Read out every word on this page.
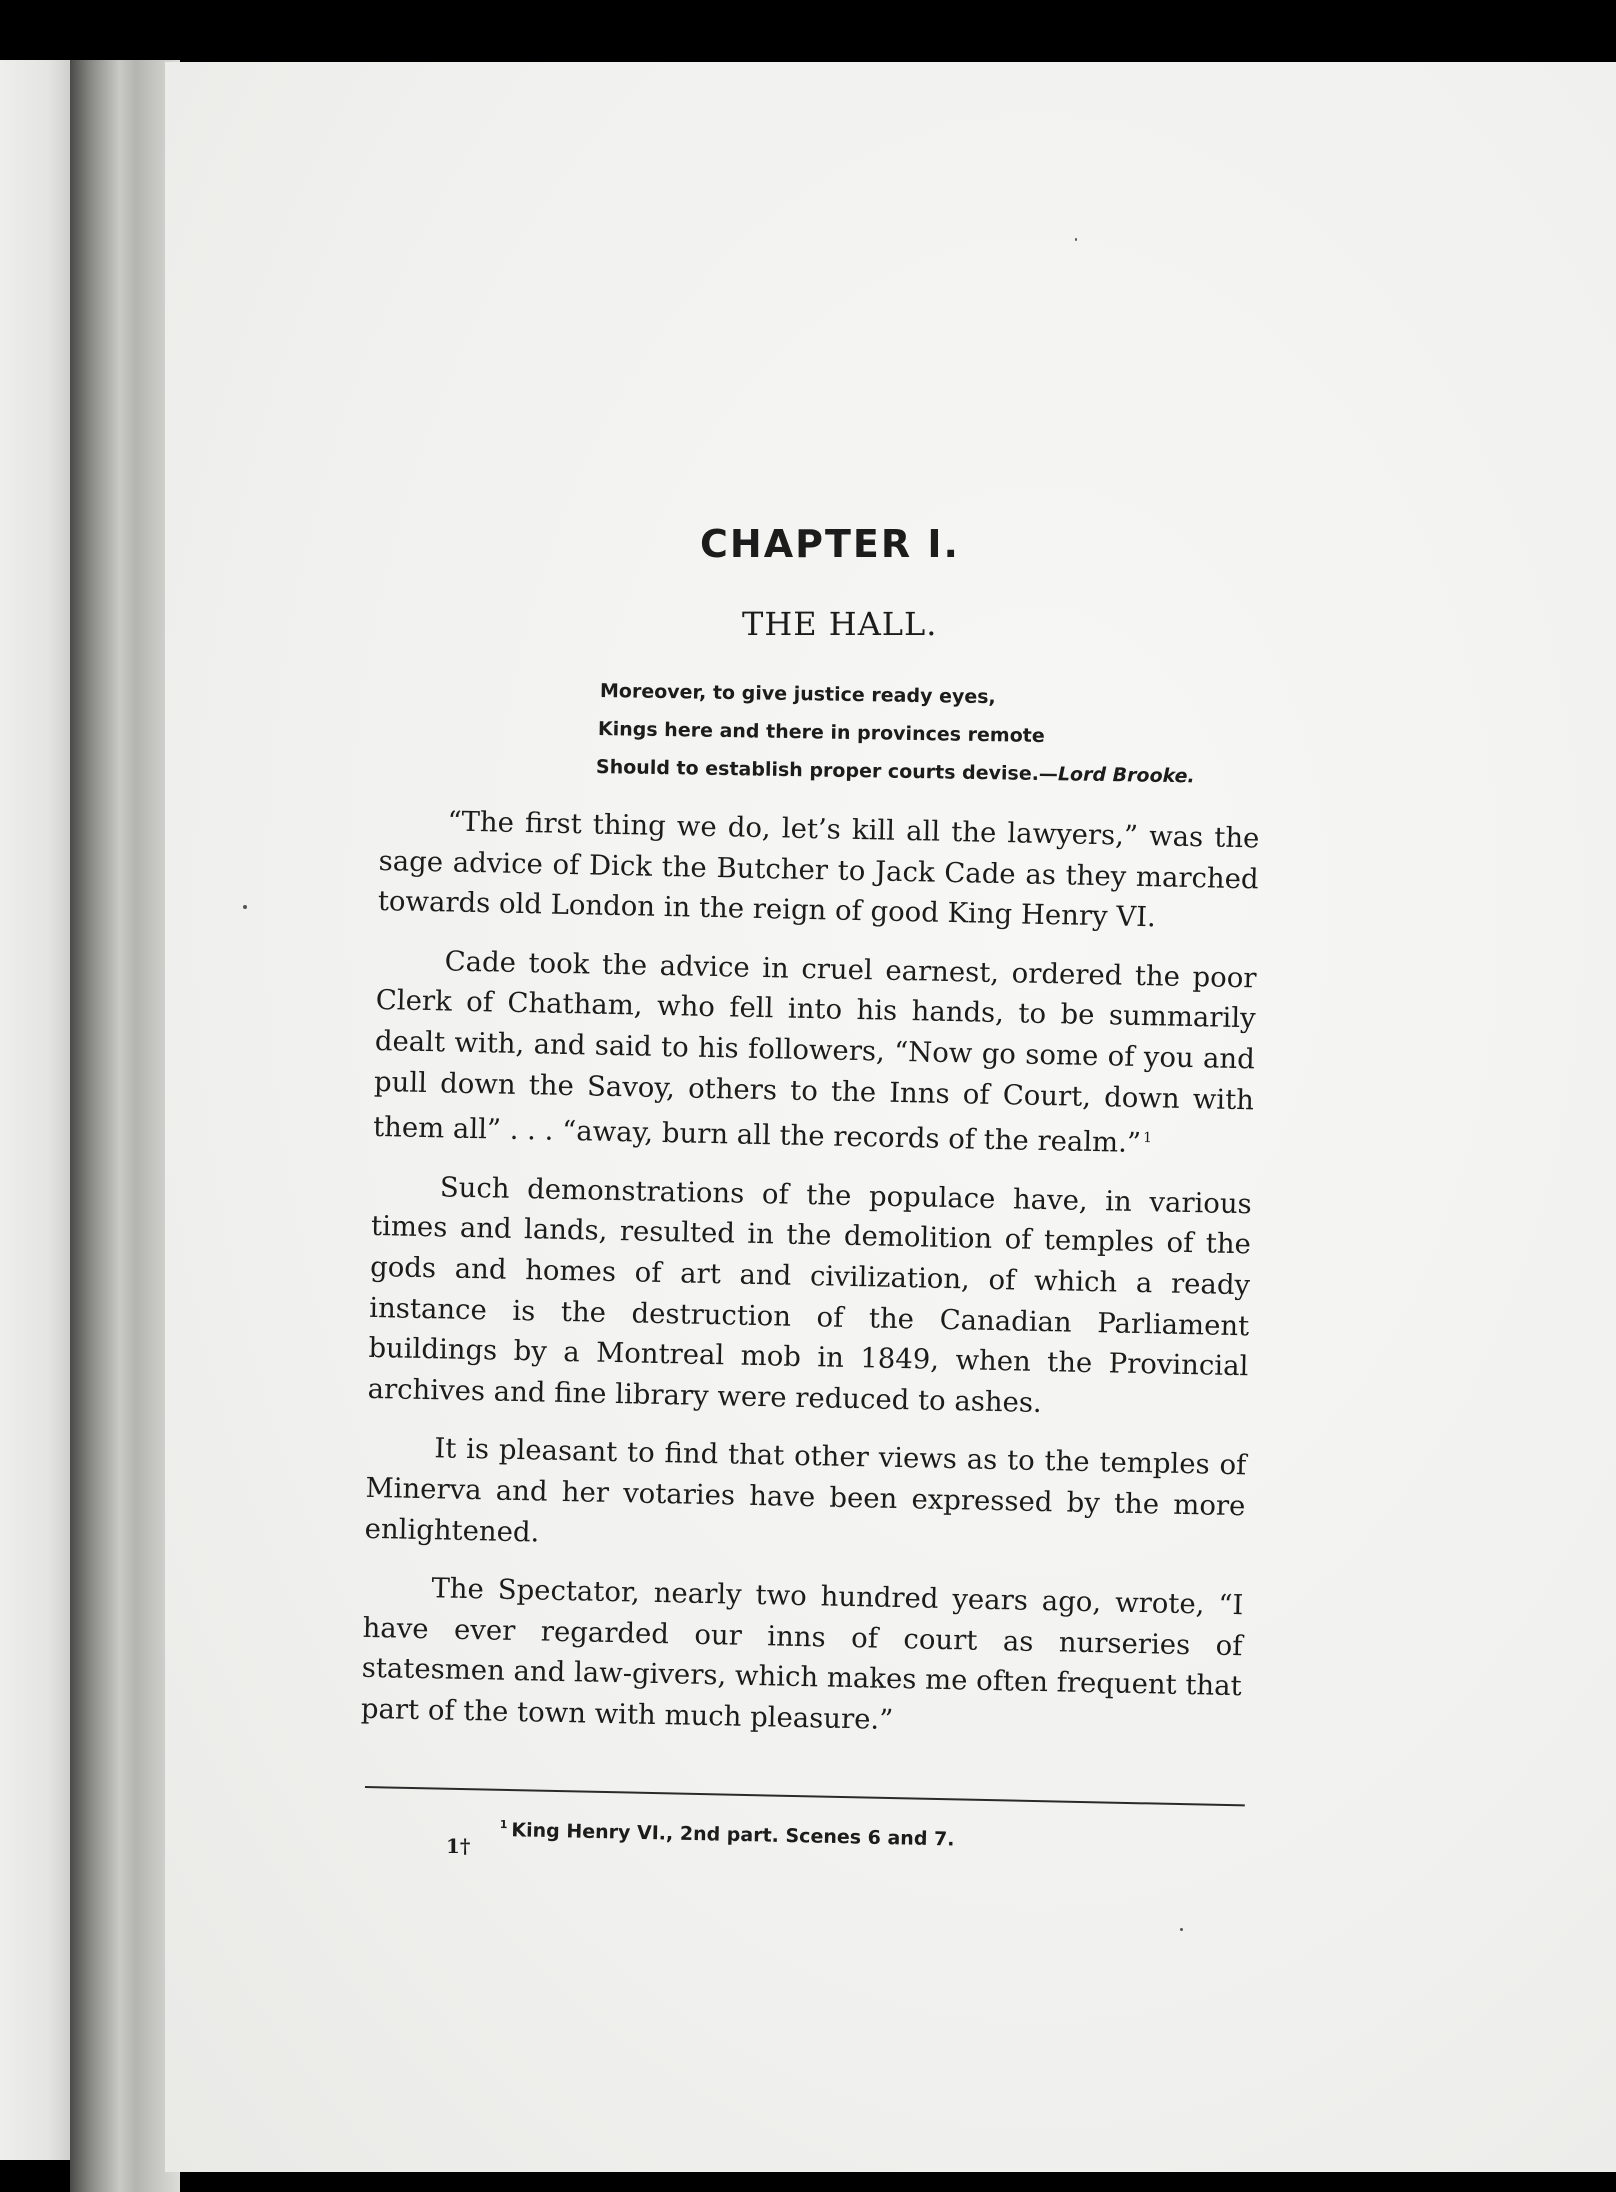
CHAPTER I.
THE HALL.
Moreover, to give justice ready eyes,
Kings here and there in provinces remote
Should to establish proper courts devise.—Lord Brooke.

“The first thing we do, let’s kill all the lawyers,” was the sage advice of Dick the Butcher to Jack Cade as they marched towards old London in the reign of good King Henry VI.

Cade took the advice in cruel earnest, ordered the poor Clerk of Chatham, who fell into his hands, to be summarily dealt with, and said to his followers, “Now go some of you and pull down the Savoy, others to the Inns of Court, down with them all” . . . “away, burn all the records of the realm.” $^1$

Such demonstrations of the populace have, in various times and lands, resulted in the demolition of temples of the gods and homes of art and civilization, of which a ready instance is the destruction of the Canadian Parliament buildings by a Montreal mob in 1849, when the Provincial archives and fine library were reduced to ashes.

It is pleasant to find that other views as to the temples of Minerva and her votaries have been expressed by the more enlightened.

The Spectator, nearly two hundred years ago, wrote, “I have ever regarded our inns of court as nurseries of statesmen and law-givers, which makes me often frequent that part of the town with much pleasure.”

$^1$ King Henry VI., 2nd part. Scenes 6 and 7.
1†
